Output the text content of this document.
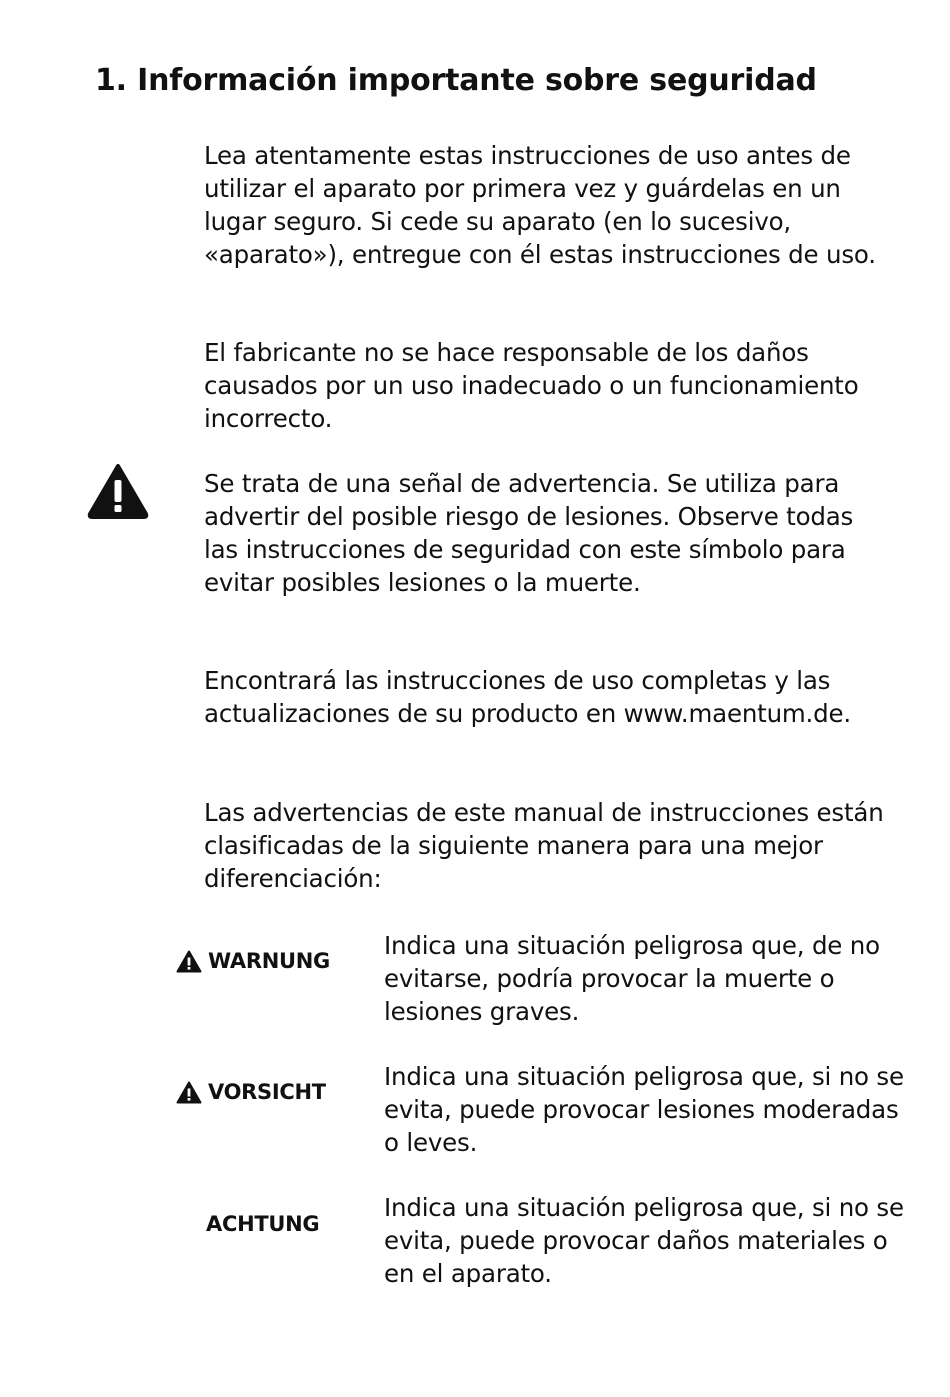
1. Información importante sobre seguridad

Lea atentamente estas instrucciones de uso antes de utilizar el aparato por primera vez y guárdelas en un lugar seguro. Si cede su aparato (en lo sucesivo, «aparato»), entregue con él estas instrucciones de uso.

El fabricante no se hace responsable de los daños causados por un uso inadecuado o un funcionamiento incorrecto.

Se trata de una señal de advertencia. Se utiliza para advertir del posible riesgo de lesiones. Observe todas las instrucciones de seguridad con este símbolo para evitar posibles lesiones o la muerte.

Encontrará las instrucciones de uso completas y las actualizaciones de su producto en www.maentum.de.

Las advertencias de este manual de instrucciones están clasificadas de la siguiente manera para una mejor diferenciación:

WARNUNG

Indica una situación peligrosa que, de no evitarse, podría provocar la muerte o lesiones graves.

VORSICHT

Indica una situación peligrosa que, si no se evita, puede provocar lesiones moderadas o leves.

ACHTUNG

Indica una situación peligrosa que, si no se evita, puede provocar daños materiales o en el aparato.
